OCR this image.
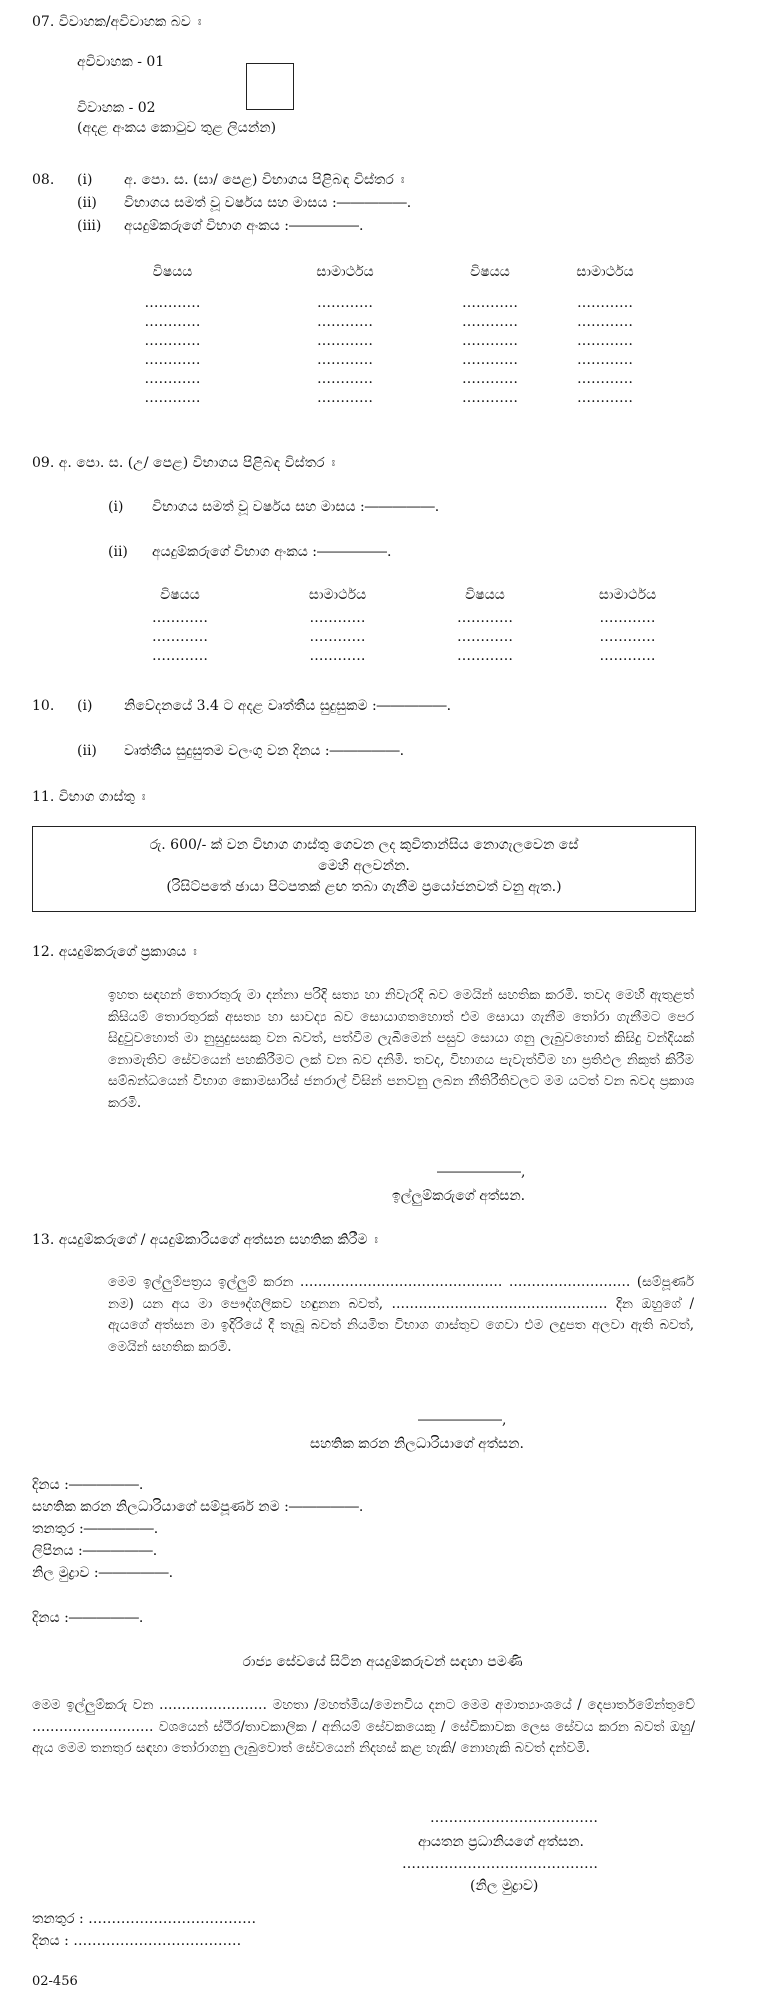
07. විවාහක/අවිවාහක බව ඃ
අවිවාහක - 01
විවාහක - 02
(අදළ අංකය කොටුව තුළ ලියන්න)
08. (i) අ. පො. ස. (සා/ පෙළ) විභාගය පිළිබඳ විස්තර ඃ
(ii) විභාගය සමත් වූ වර්ෂය සහ මාසය :―――――.
(iii) අයදුම්කරුගේ විභාග අංකය :―――――.
විෂයය	සාමාර්ථය	විෂයය	සාමාර්ථය
…………	…………	…………	…………
…………	…………	…………	…………
…………	…………	…………	…………
…………	…………	…………	…………
…………	…………	…………	…………
…………	…………	…………	…………
09. අ. පො. ස. (උ/ පෙළ) විභාගය පිළිබඳ විස්තර ඃ
(i) විභාගය සමත් වූ වර්ෂය සහ මාසය :―――――.
(ii) අයදුම්කරුගේ විභාග අංකය :―――――.
විෂයය	සාමාර්ථය	විෂයය	සාමාර්ථය
…………	…………	…………	…………
…………	…………	…………	…………
…………	…………	…………	…………
10. (i) නිවේදනයේ 3.4 ට අදළ වෘත්තීය සුදුසුකම :―――――.
(ii) වෘත්තීය සුදුසුතම වලංගු වන දිනය :―――――.
11. විභාග ගාස්තු ඃ
රු. 600/- ක් වන විභාග ගාස්තු ගෙවන ලද කුවිතාන්සිය නොගැලවෙන සේ
මෙහි අලවන්න.
(රිසිට්පතේ ඡායා පිටපතක් ළඟ තබා ගැනීම ප්‍රයෝජනවත් වනු ඇත.)
12. අයදුම්කරුගේ ප්‍රකාශය ඃ
ඉහත සඳහන් තොරතුරු මා දන්නා පරිදි සත්‍ය හා නිවැරදි බව මෙයින් සහතික කරමි. තවද මෙහි ඇතුළත් කිසියම් තොරතුරක් අසත්‍ය හා සාවද්‍ය බව සොයාගතහොත් එම සොයා ගැනීම තෝරා ගැනීමට පෙර සිදුවුවහොත් මා නුසුදුසසකු වන බවත්, පත්වීම ලැබීමෙන් පසුව සොයා ගනු ලැබුවහොත් කිසිදු වන්දියක් නොමැතිව සේවයෙන් පහකිරීමට ලක් වන බව දනිමි. තවද, විභාගය පැවැත්වීම හා ප්‍රතිඵල නිකුත් කිරීම සම්බන්ධයෙන් විභාග කොමසාරිස් ජනරාල් විසින් පනවනු ලබන නීතිරීතිවලට මම යටත් වන බවද ප්‍රකාශ කරමි.
――――――,
ඉල්ලුම්කරුගේ අත්සන.
13. අයදුම්කරුගේ / අයදුම්කාරියගේ අත්සන සහතික කිරීම ඃ
මෙම ඉල්ලුම්පත්‍රය ඉල්ලුම් කරන ……………………………………… ……………………… (සම්පූර්ණ නම) යන අය මා පෞද්ගලිකව හඳුනන බවත්, ………………………………………… දින ඔහුගේ / ඇයගේ අත්සන මා ඉදිරියේ දී තැබූ බවත් නියමිත විභාග ගාස්තුව ගෙවා එම ලදුපත අලවා ඇති බවත්, මෙයින් සහතික කරමි.
――――――,
සහතික කරන නිලධාරියාගේ අත්සන.
දිනය :―――――.
සහතික කරන නිලධාරියාගේ සම්පූර්ණ නම :―――――.
තනතුර :―――――.
ලිපිනය :―――――.
නිල මුද්‍රාව :―――――.
දිනය :―――――.
රාජ්‍ය සේවයේ සිටින අයදුම්කරුවන් සඳහා පමණි
මෙම ඉල්ලුම්කරු වන …………………… මහතා /මහත්මිය/මෙනවිය දනට මෙම අමාත්‍යාංශයේ / දෙපාර්තමේන්තුවේ ……………………… වශයෙන් ස්ථිර/තාවකාලික / අනියම් සේවකයෙකු / සේවිකාවක ලෙස සේවය කරන බවත් ඔහු/ඇය මෙම තනතුර සඳහා තෝරාගනු ලැබුවොත් සේවයෙන් නිදහස් කළ හැකි/ නොහැකි බවත් දන්වමි.
………………………………
ආයතන ප්‍රධානියගේ අත්සන.
……………………………………
(නිල මුද්‍රාව)
තනතුර : ………………………………
දිනය : ………………………………
02-456
